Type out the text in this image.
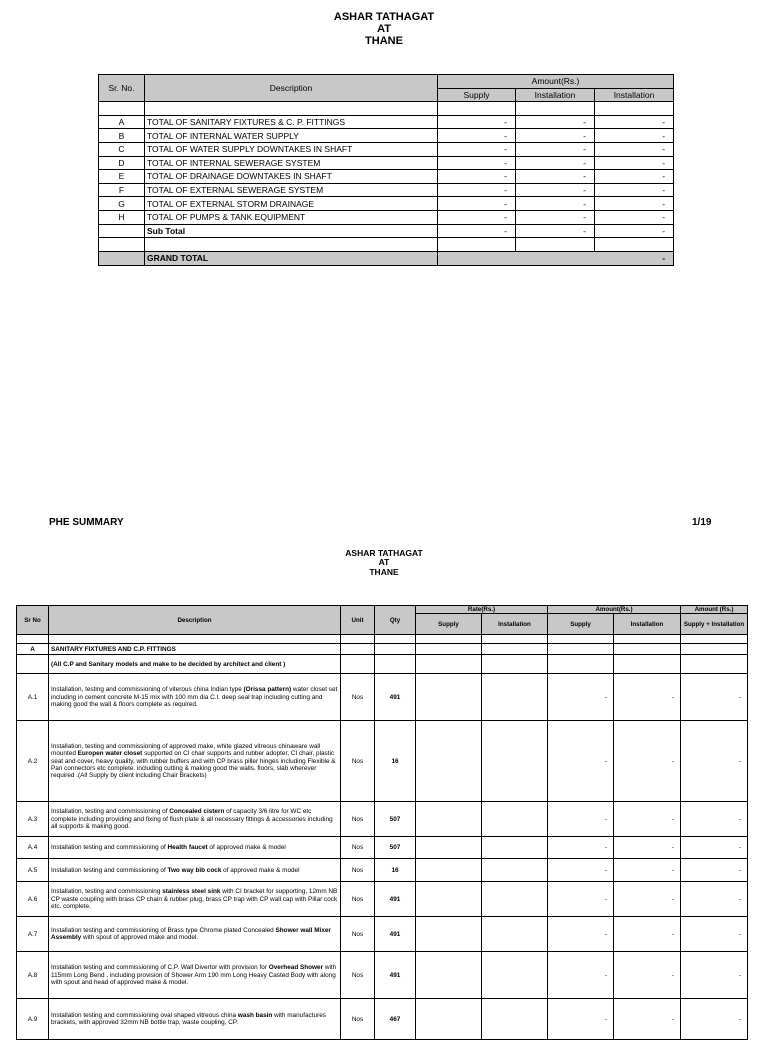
ASHAR TATHAGAT
AT
THANE
Sr. No.	Description	Amount(Rs.)		
		Supply	Installation	Installation

A	TOTAL OF SANITARY FIXTURES & C. P. FITTINGS	-	-	-
B	TOTAL OF INTERNAL WATER SUPPLY	-	-	-
C	TOTAL OF WATER SUPPLY DOWNTAKES IN SHAFT	-	-	-
D	TOTAL OF INTERNAL SEWERAGE SYSTEM	-	-	-
E	TOTAL OF DRAINAGE DOWNTAKES IN SHAFT	-	-	-
F	TOTAL OF EXTERNAL SEWERAGE SYSTEM	-	-	-
G	TOTAL OF EXTERNAL STORM DRAINAGE	-	-	-
H	TOTAL OF PUMPS & TANK EQUIPMENT	-	-	-
	Sub Total	-	-	-

	GRAND TOTAL	-		
PHE SUMMARY	1/19
ASHAR TATHAGAT
AT
THANE
Sr No	Description	Unit	Qty	Rate(Rs.)		Amount(Rs.)		Amount (Rs.)
				Supply	Installation	Supply	Installation	Supply + Installation

A	SANITARY FIXTURES AND C.P. FITTINGS							
	(All C.P and Sanitary models and make to be decided by architect and client )							
A.1	Installation, testing and commissioning of viterous china Indian type (Orissa pattern) water closet set including in cement concrete M-15 mix with 100 mm dia C.I. deep seal trap including cutting and making good the wall & floors complete as required.	Nos	491			-	-	-
A.2	Installation, testing and commissioning of approved make, white glazed vitreous chinaware wall mounted Europen water closet supported on CI chair supports and rubber adopter, CI chair, plastic seat and cover, heavy quality, with rubber buffers and with CP brass piller hinges including Flexible & Pan connectors etc complete. including cutting & making good the walls, floors, slab wherever required .(All Supply by client including Chair Brackets)	Nos	16			-	-	-
A.3	Installation, testing and commissioning of Concealed cistern of capacity 3/6 litre for WC etc complete including providing and fixing of flush plate & all necessary fittings & accessories including all supports & making good.	Nos	507			-	-	-
A.4	Installation testing and commissioning of Health faucet of approved make & model	Nos	507			-	-	-
A.5	Installation testing and commissioning of Two way bib cock of approved make & model	Nos	16			-	-	-
A.6	Installation, testing and commissioning stainless steel sink with CI bracket for supporting, 12mm NB CP waste coupling with brass CP chain & rubber plug, brass CP trap with CP wall cap with Pillar cock etc. complete.	Nos	491			-	-	-
A.7	Installation testing and commissioning of Brass type Chrome plated Concealed Shower wall Mixer Assembly with spout of approved make and model.	Nos	491			-	-	-
A.8	Installation testing and commissioning of C.P. Wall Divertor with provision for Overhead Shower with 115mm Long Bend , including provision of Shower Arm 190 mm Long Heavy Casted Body with along with spout and head of approved make & model.	Nos	491			-	-	-
A.9	Installation testing and commissioning oval shaped vitreous china wash basin with manufactures brackets, with approved 32mm NB bottle trap, waste coupling, CP.	Nos	467			-	-	-
